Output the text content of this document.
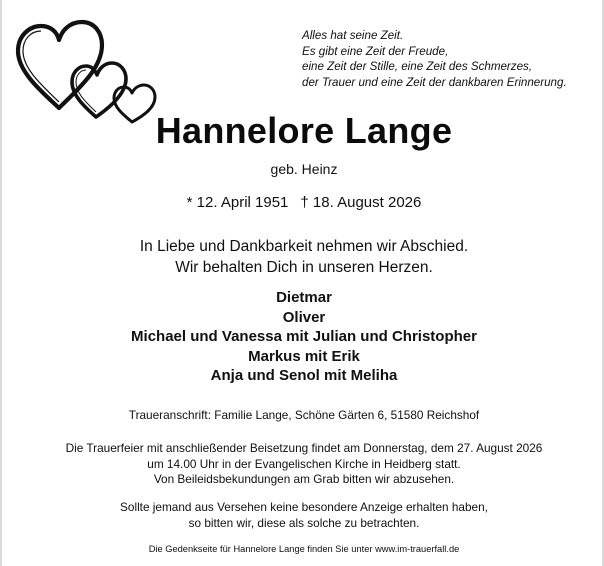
Alles hat seine Zeit.
Es gibt eine Zeit der Freude,
eine Zeit der Stille, eine Zeit des Schmerzes,
der Trauer und eine Zeit der dankbaren Erinnerung.
Hannelore Lange
geb. Heinz
* 12. April 1951 † 18. August 2026
In Liebe und Dankbarkeit nehmen wir Abschied.
Wir behalten Dich in unseren Herzen.
Dietmar
Oliver
Michael und Vanessa mit Julian und Christopher
Markus mit Erik
Anja und Senol mit Meliha
Traueranschrift: Familie Lange, Schöne Gärten 6, 51580 Reichshof
Die Trauerfeier mit anschließender Beisetzung findet am Donnerstag, dem 27. August 2026
um 14.00 Uhr in der Evangelischen Kirche in Heidberg statt.
Von Beileidsbekundungen am Grab bitten wir abzusehen.
Sollte jemand aus Versehen keine besondere Anzeige erhalten haben,
so bitten wir, diese als solche zu betrachten.
Die Gedenkseite für Hannelore Lange finden Sie unter www.im-trauerfall.de
